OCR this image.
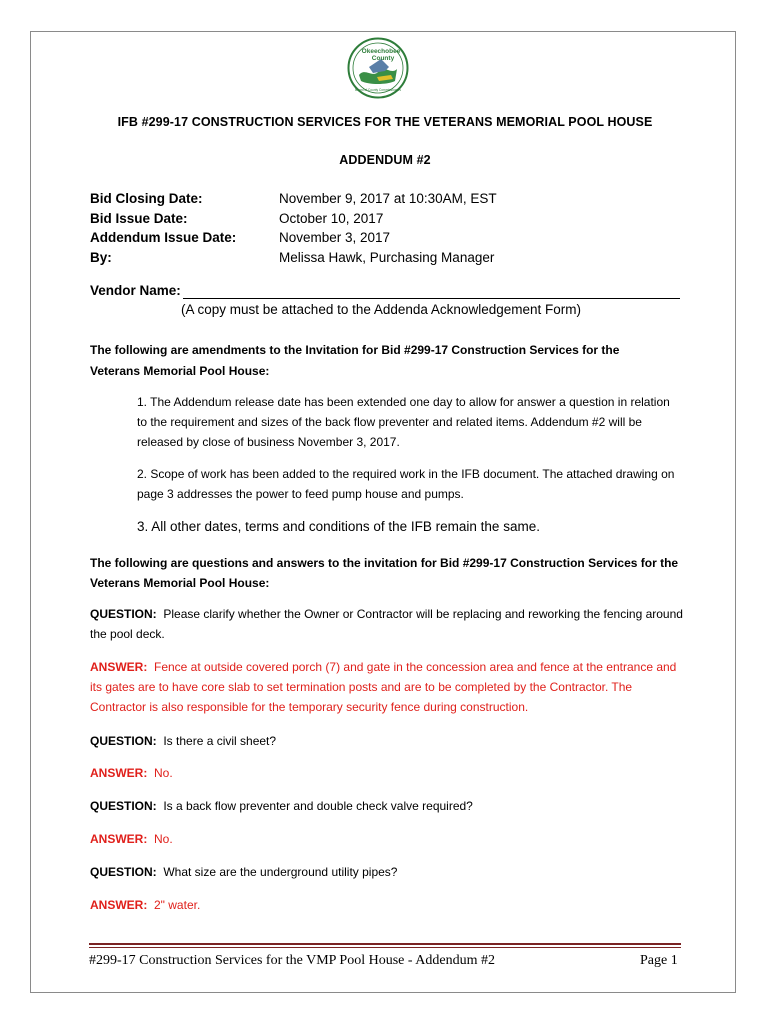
Okeechobee
County
Board of County Commissioners
IFB #299-17 CONSTRUCTION SERVICES FOR THE VETERANS MEMORIAL POOL HOUSE
ADDENDUM #2
Bid Closing Date:	November 9, 2017 at 10:30AM, EST
Bid Issue Date:	October 10, 2017
Addendum Issue Date:	November 3, 2017
By:	Melissa Hawk, Purchasing Manager
Vendor Name:
(A copy must be attached to the Addenda Acknowledgement Form)
The following are amendments to the Invitation for Bid #299-17 Construction Services for the Veterans Memorial Pool House:
1. The Addendum release date has been extended one day to allow for answer a question in relation to the requirement and sizes of the back flow preventer and related items. Addendum #2 will be released by close of business November 3, 2017.
2. Scope of work has been added to the required work in the IFB document. The attached drawing on page 3 addresses the power to feed pump house and pumps.
3. All other dates, terms and conditions of the IFB remain the same.
The following are questions and answers to the invitation for Bid #299-17 Construction Services for the Veterans Memorial Pool House:
QUESTION: Please clarify whether the Owner or Contractor will be replacing and reworking the fencing around the pool deck.
ANSWER: Fence at outside covered porch (7) and gate in the concession area and fence at the entrance and its gates are to have core slab to set termination posts and are to be completed by the Contractor. The Contractor is also responsible for the temporary security fence during construction.
QUESTION: Is there a civil sheet?
ANSWER: No.
QUESTION: Is a back flow preventer and double check valve required?
ANSWER: No.
QUESTION: What size are the underground utility pipes?
ANSWER: 2" water.
#299-17 Construction Services for the VMP Pool House - Addendum #2	Page 1
